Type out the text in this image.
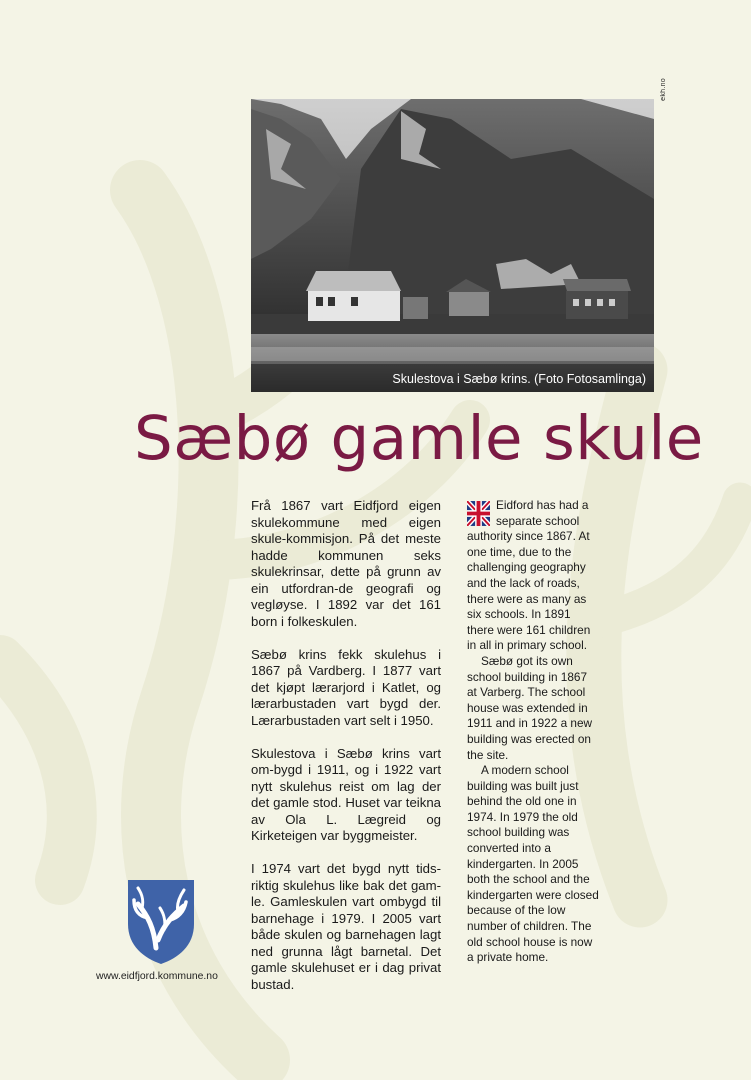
ekh.no
Skulestova i Sæbø krins. (Foto Fotosamlinga)
Sæbø gamle skule

Frå 1867 vart Eidfjord eigen skulekommune med eigen skule-kommisjon. På det meste hadde kommunen seks skulekrinsar, dette på grunn av ein utfordran-de geografi og vegløyse. I 1892 var det 161 born i folkeskulen.

Sæbø krins fekk skulehus i 1867 på Vardberg. I 1877 vart det kjøpt lærarjord i Katlet, og lærarbustaden vart bygd der. Lærarbustaden vart selt i 1950.

Skulestova i Sæbø krins vart om-bygd i 1911, og i 1922 vart nytt skulehus reist om lag der det gamle stod. Huset var teikna av Ola L. Lægreid og Kirketeigen var byggmeister.

I 1974 vart det bygd nytt tids-riktig skulehus like bak det gam-le. Gamleskulen vart ombygd til barnehage i 1979. I 2005 vart både skulen og barnehagen lagt ned grunna lågt barnetal. Det gamle skulehuset er i dag privat bustad.

Eidford has had a separate school authority since 1867. At one time, due to the challenging geography and the lack of roads, there were as many as six schools. In 1891 there were 161 children in all in primary school.

Sæbø got its own school building in 1867 at Varberg. The school house was extended in 1911 and in 1922 a new building was erected on the site.

A modern school building was built just behind the old one in 1974. In 1979 the old school building was converted into a kindergarten. In 2005 both the school and the kindergarten were closed because of the low number of children. The old school house is now a private home.

www.eidfjord.kommune.no
